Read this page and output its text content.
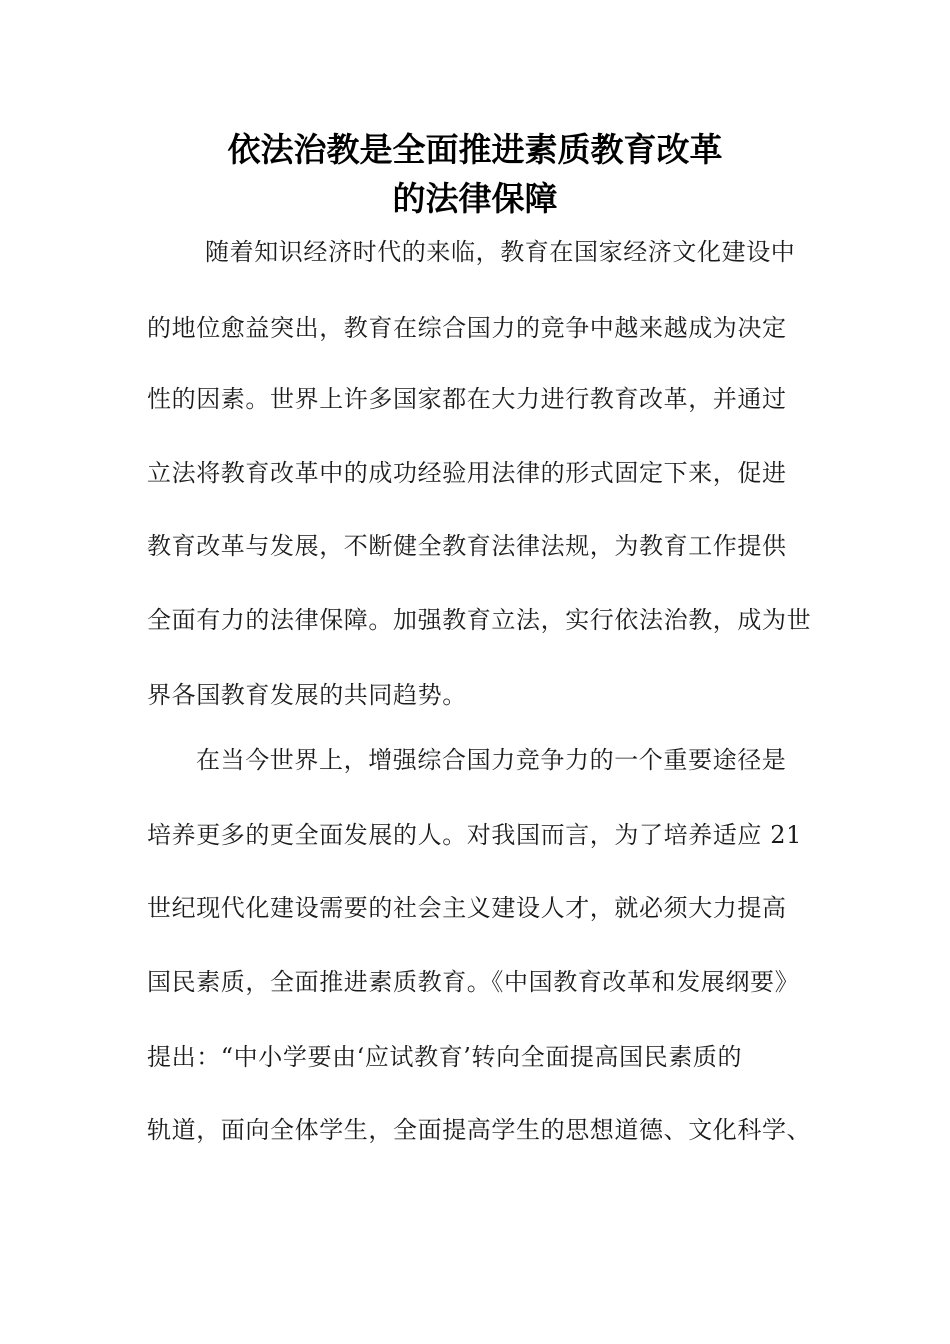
依法治教是全面推进素质教育改革
的法律保障
随着知识经济时代的来临，教育在国家经济文化建设中
的地位愈益突出，教育在综合国力的竞争中越来越成为决定
性的因素。世界上许多国家都在大力进行教育改革，并通过
立法将教育改革中的成功经验用法律的形式固定下来，促进
教育改革与发展，不断健全教育法律法规，为教育工作提供
全面有力的法律保障。加强教育立法，实行依法治教，成为世
界各国教育发展的共同趋势。
在当今世界上，增强综合国力竞争力的一个重要途径是
培养更多的更全面发展的人。对我国而言，为了培养适应 21
世纪现代化建设需要的社会主义建设人才，就必须大力提高
国民素质，全面推进素质教育。《中国教育改革和发展纲要》
提出：“中小学要由‘应试教育’转向全面提高国民素质的
轨道，面向全体学生，全面提高学生的思想道德、文化科学、
